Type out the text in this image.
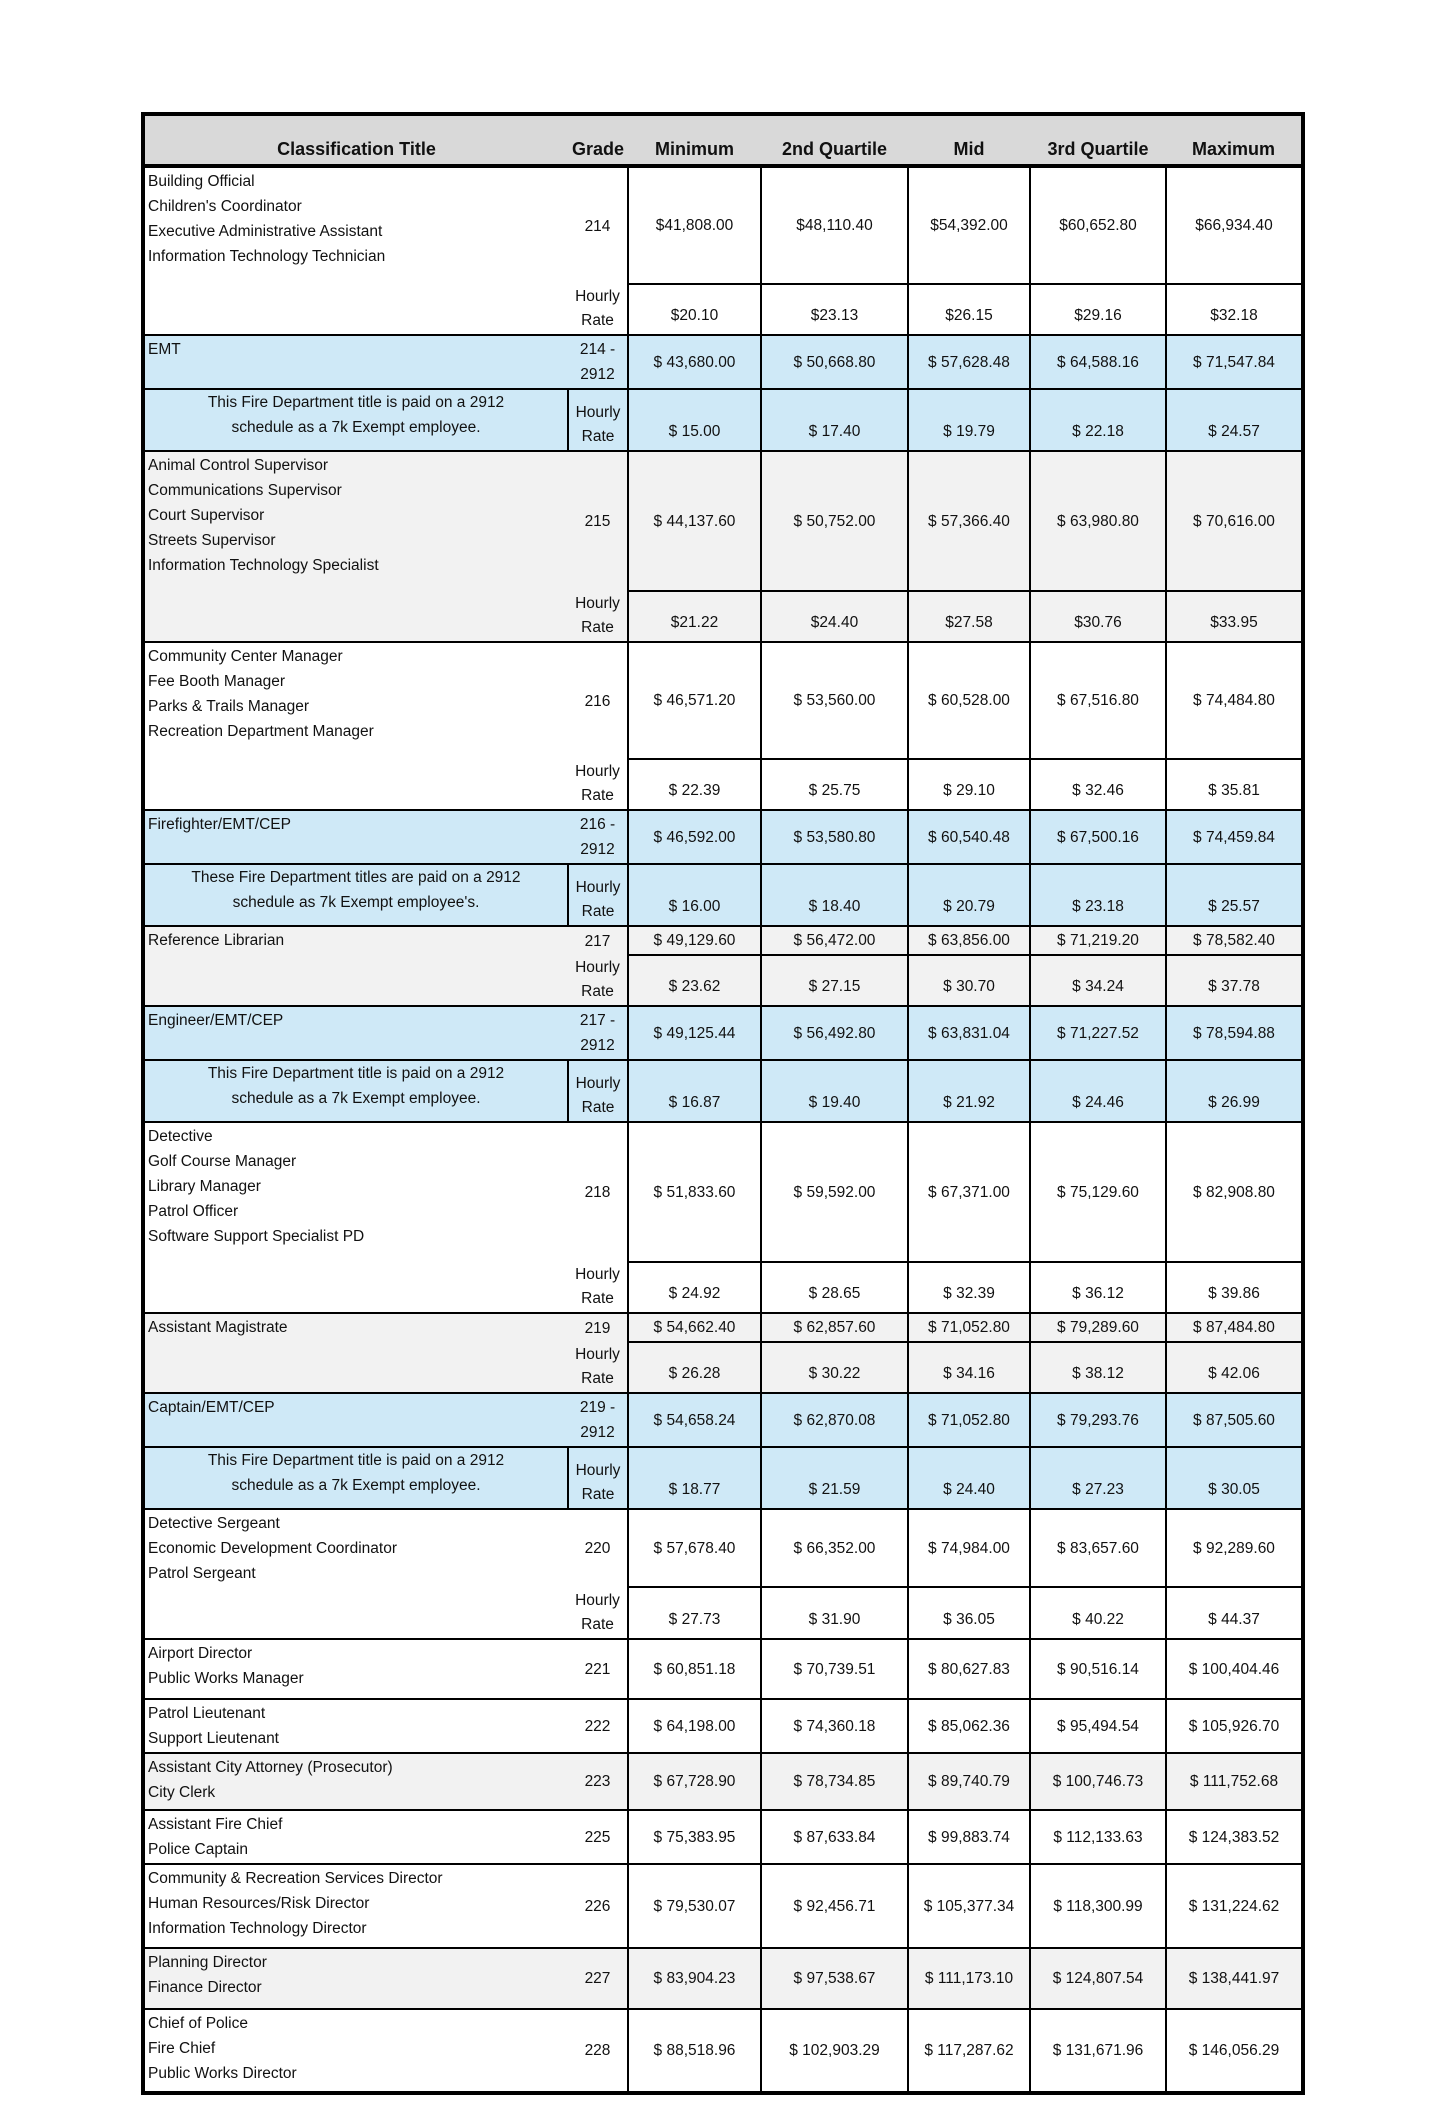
Classification Title	Grade	Minimum	2nd Quartile	Mid	3rd Quartile	Maximum

Building Official
Children's Coordinator
Executive Administrative Assistant
Information Technology Technician	214	$41,808.00	$48,110.40	$54,392.00	$60,652.80	$66,934.40
	Hourly Rate	$20.10	$23.13	$26.15	$29.16	$32.18

EMT	214 - 2912	$ 43,680.00	$ 50,668.80	$ 57,628.48	$ 64,588.16	$ 71,547.84
This Fire Department title is paid on a 2912 schedule as a 7k Exempt employee.	Hourly Rate	$ 15.00	$ 17.40	$ 19.79	$ 22.18	$ 24.57

Animal Control Supervisor
Communications Supervisor
Court Supervisor
Streets Supervisor
Information Technology Specialist	215	$ 44,137.60	$ 50,752.00	$ 57,366.40	$ 63,980.80	$ 70,616.00
	Hourly Rate	$21.22	$24.40	$27.58	$30.76	$33.95

Community Center Manager
Fee Booth Manager
Parks & Trails Manager
Recreation Department Manager	216	$ 46,571.20	$ 53,560.00	$ 60,528.00	$ 67,516.80	$ 74,484.80
	Hourly Rate	$ 22.39	$ 25.75	$ 29.10	$ 32.46	$ 35.81

Firefighter/EMT/CEP	216 - 2912	$ 46,592.00	$ 53,580.80	$ 60,540.48	$ 67,500.16	$ 74,459.84
These Fire Department titles are paid on a 2912 schedule as 7k Exempt employee's.	Hourly Rate	$ 16.00	$ 18.40	$ 20.79	$ 23.18	$ 25.57

Reference Librarian	217	$ 49,129.60	$ 56,472.00	$ 63,856.00	$ 71,219.20	$ 78,582.40
	Hourly Rate	$ 23.62	$ 27.15	$ 30.70	$ 34.24	$ 37.78

Engineer/EMT/CEP	217 - 2912	$ 49,125.44	$ 56,492.80	$ 63,831.04	$ 71,227.52	$ 78,594.88
This Fire Department title is paid on a 2912 schedule as a 7k Exempt employee.	Hourly Rate	$ 16.87	$ 19.40	$ 21.92	$ 24.46	$ 26.99

Detective
Golf Course Manager
Library Manager
Patrol Officer
Software Support Specialist PD	218	$ 51,833.60	$ 59,592.00	$ 67,371.00	$ 75,129.60	$ 82,908.80
	Hourly Rate	$ 24.92	$ 28.65	$ 32.39	$ 36.12	$ 39.86

Assistant Magistrate	219	$ 54,662.40	$ 62,857.60	$ 71,052.80	$ 79,289.60	$ 87,484.80
	Hourly Rate	$ 26.28	$ 30.22	$ 34.16	$ 38.12	$ 42.06

Captain/EMT/CEP	219 - 2912	$ 54,658.24	$ 62,870.08	$ 71,052.80	$ 79,293.76	$ 87,505.60
This Fire Department title is paid on a 2912 schedule as a 7k Exempt employee.	Hourly Rate	$ 18.77	$ 21.59	$ 24.40	$ 27.23	$ 30.05

Detective Sergeant
Economic Development Coordinator
Patrol Sergeant	220	$ 57,678.40	$ 66,352.00	$ 74,984.00	$ 83,657.60	$ 92,289.60
	Hourly Rate	$ 27.73	$ 31.90	$ 36.05	$ 40.22	$ 44.37

Airport Director
Public Works Manager	221	$ 60,851.18	$ 70,739.51	$ 80,627.83	$ 90,516.14	$ 100,404.46

Patrol Lieutenant
Support Lieutenant	222	$ 64,198.00	$ 74,360.18	$ 85,062.36	$ 95,494.54	$ 105,926.70

Assistant City Attorney (Prosecutor)
City Clerk	223	$ 67,728.90	$ 78,734.85	$ 89,740.79	$ 100,746.73	$ 111,752.68

Assistant Fire Chief
Police Captain	225	$ 75,383.95	$ 87,633.84	$ 99,883.74	$ 112,133.63	$ 124,383.52

Community & Recreation Services Director
Human Resources/Risk Director
Information Technology Director	226	$ 79,530.07	$ 92,456.71	$ 105,377.34	$ 118,300.99	$ 131,224.62

Planning Director
Finance Director	227	$ 83,904.23	$ 97,538.67	$ 111,173.10	$ 124,807.54	$ 138,441.97

Chief of Police
Fire Chief
Public Works Director	228	$ 88,518.96	$ 102,903.29	$ 117,287.62	$ 131,671.96	$ 146,056.29
